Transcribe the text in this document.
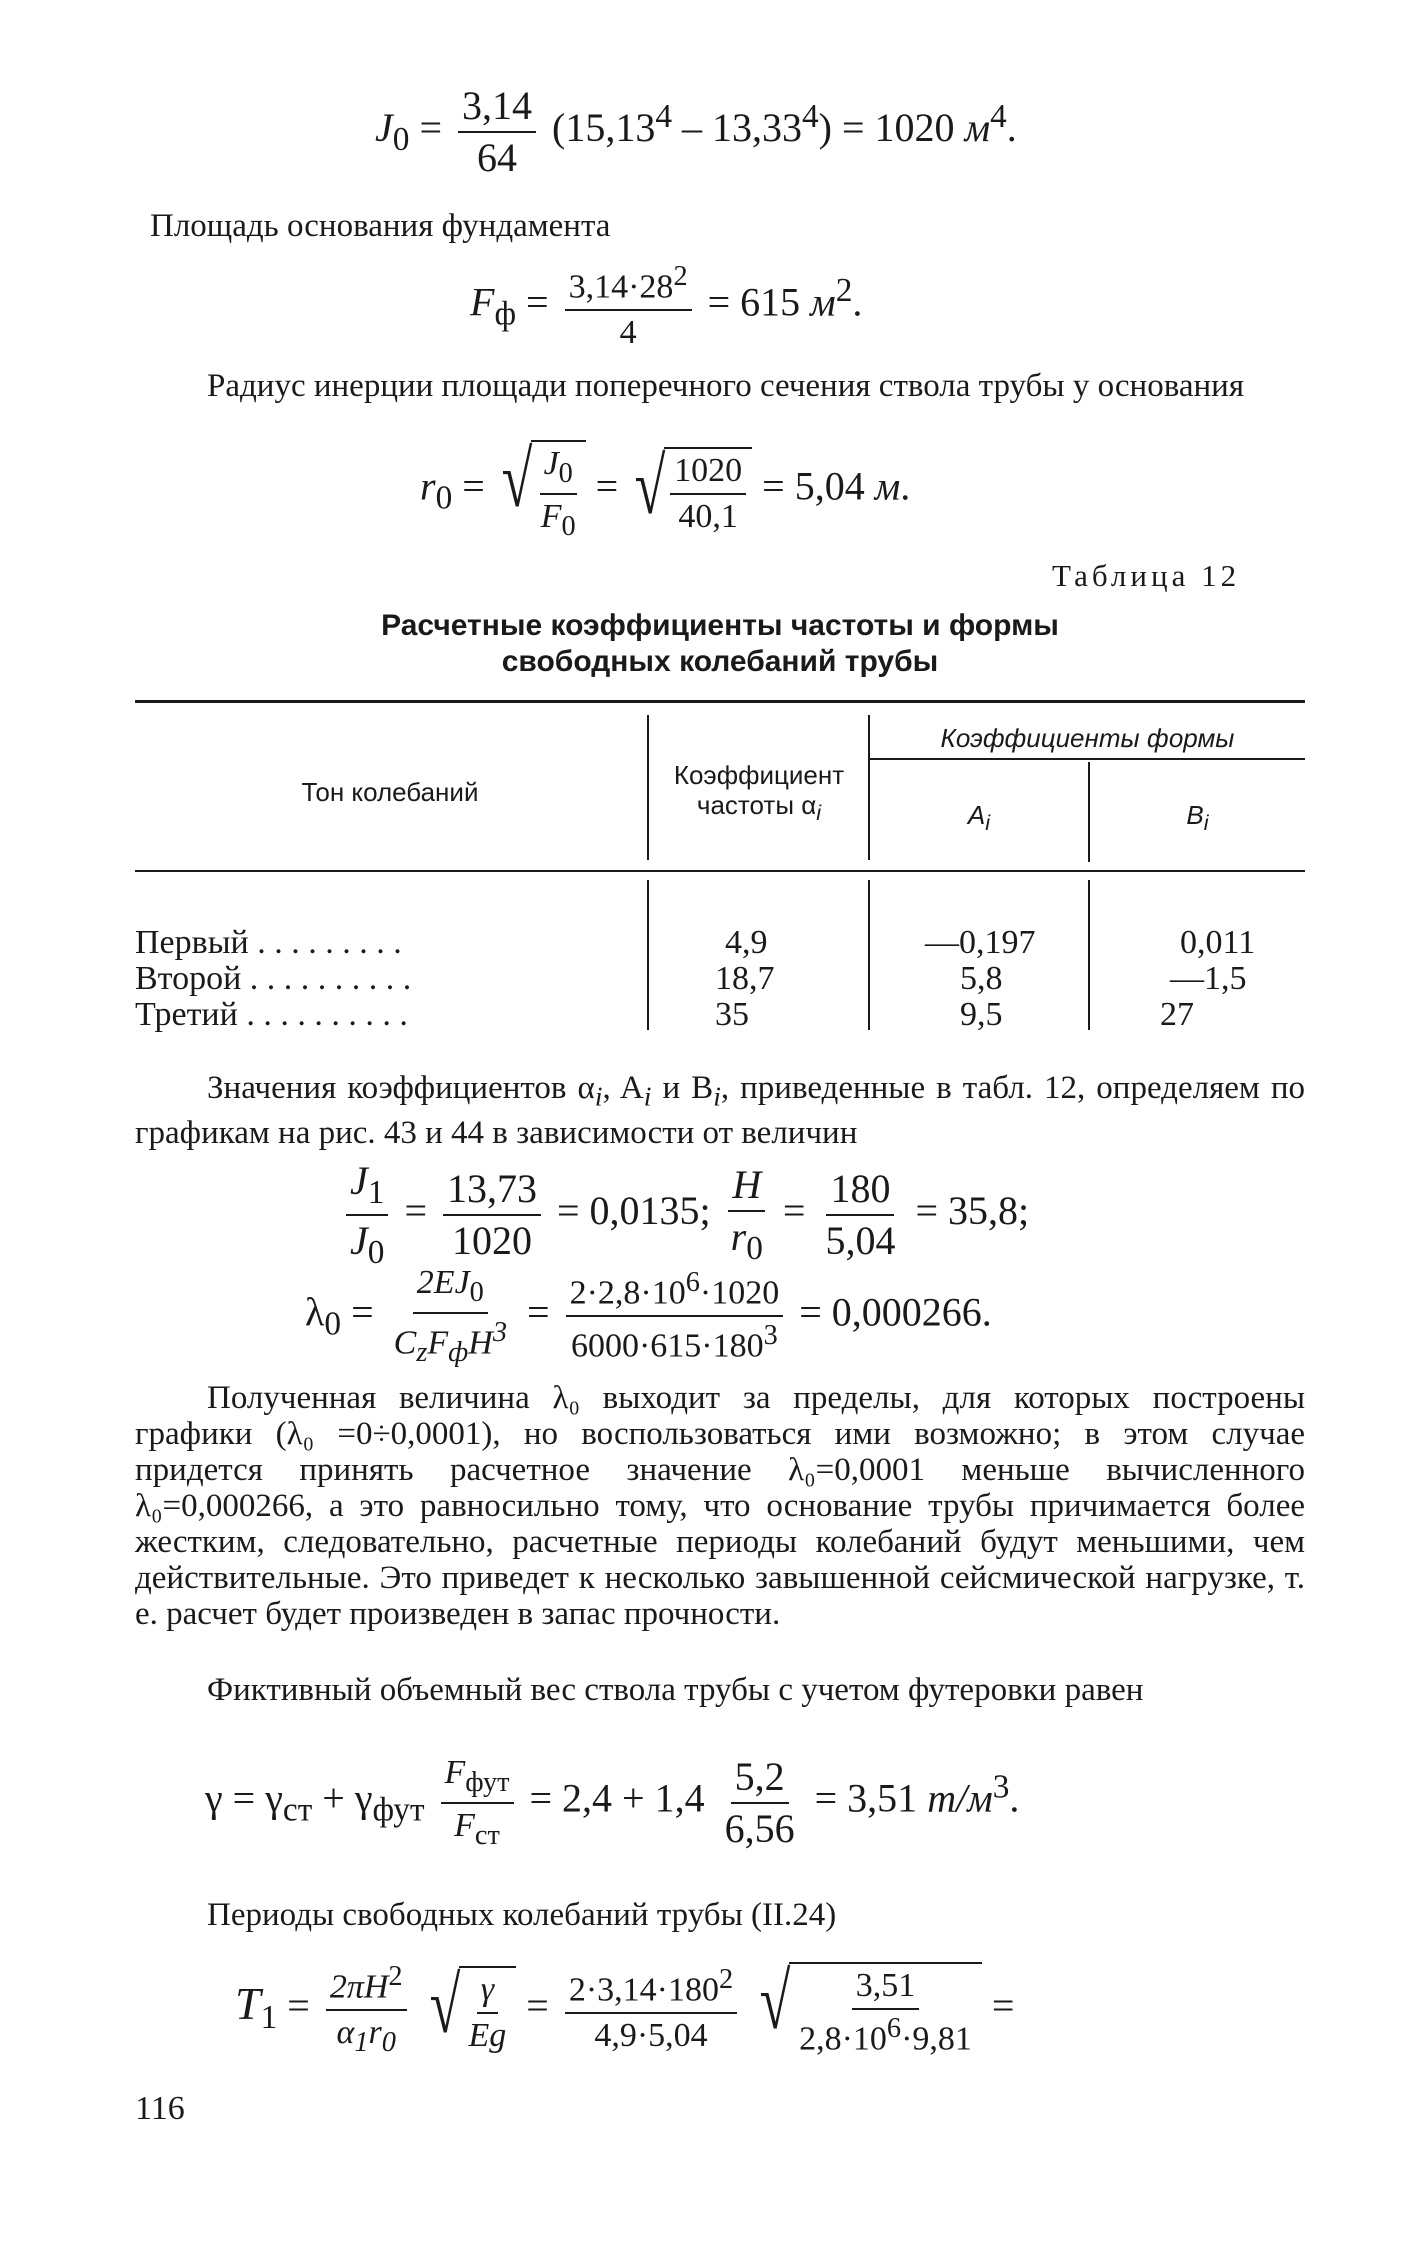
$J_0 = \frac{3,14}{64} (15,13^4 - 13,33^4) = 1020$ $м^4$.
Площадь основания фундамента
$F_ф = \frac{3,14\cdot 28^2}{4} = 615$ $м^2$.

Радиус инерции площади поперечного сечения ствола трубы у основания

$r_0$ = √ $\frac{J_0}{F_0}$ = √ $\frac{1020}{40,1} = 5,04$ м.
Таблица 12
Расчетные коэффициенты частоты и формы
свободных колебаний трубы
Тон колебаний
Коэффициент частоты $\alpha_i$
Коэффициенты формы
$A_i$	$B_i$
Первый . . . . . . . . .	4,9	—0,197	0,011
Второй . . . . . . . . . .	18,7	5,8	—1,5
Третий . . . . . . . . . .	35	9,5	27

Значения коэффициентов $\alpha_i$, $A_i$ и $B_i$, приведенные в табл. 12, определяем по графикам на рис. 43 и 44 в зависимости от величин

$\frac{J_1}{J_0} = \frac{13,73}{1020} = 0,0135$; $\frac{H}{r_0} = \frac{180}{5,04} = 35,8$;
$\lambda_0 = \frac{2EJ_0}{C_zF_фH^3} = \frac{2\cdot 2,8\cdot 10^6\cdot 1020}{6000\cdot 615\cdot 180^3} = 0,000266$.

Полученная величина λ₀ выходит за пределы, для которых построены графики (λ₀ =0÷0,0001), но воспользоваться ими возможно; в этом случае придется принять расчетное значение λ₀=0,0001 меньше вычисленного λ₀=0,000266, а это равносильно тому, что основание трубы причимается более жестким, следовательно, расчетные периоды колебаний будут меньшими, чем действительные. Это приведет к несколько завышенной сейсмической нагрузке, т. е. расчет будет произведен в запас прочности.

Фиктивный объемный вес ствола трубы с учетом футеровки равен

$\gamma = \gamma_{ст} + \gamma_{фут} \frac{F_{фут}}{F_{ст}} = 2,4 + 1,4 \frac{5,2}{6,56} = 3,51$ $т/м^3$.

Периоды свободных колебаний трубы (II.24)

$T_1 = \frac{2\pi H^2}{\alpha_1r_0}$
√ $\frac{\gamma}{Eg} = \frac{2\cdot 3,14\cdot 180^2}{4,9\cdot 5,04}$
√ $\frac{3,51}{2,8\cdot 10^6\cdot 9,81}$ =
116
